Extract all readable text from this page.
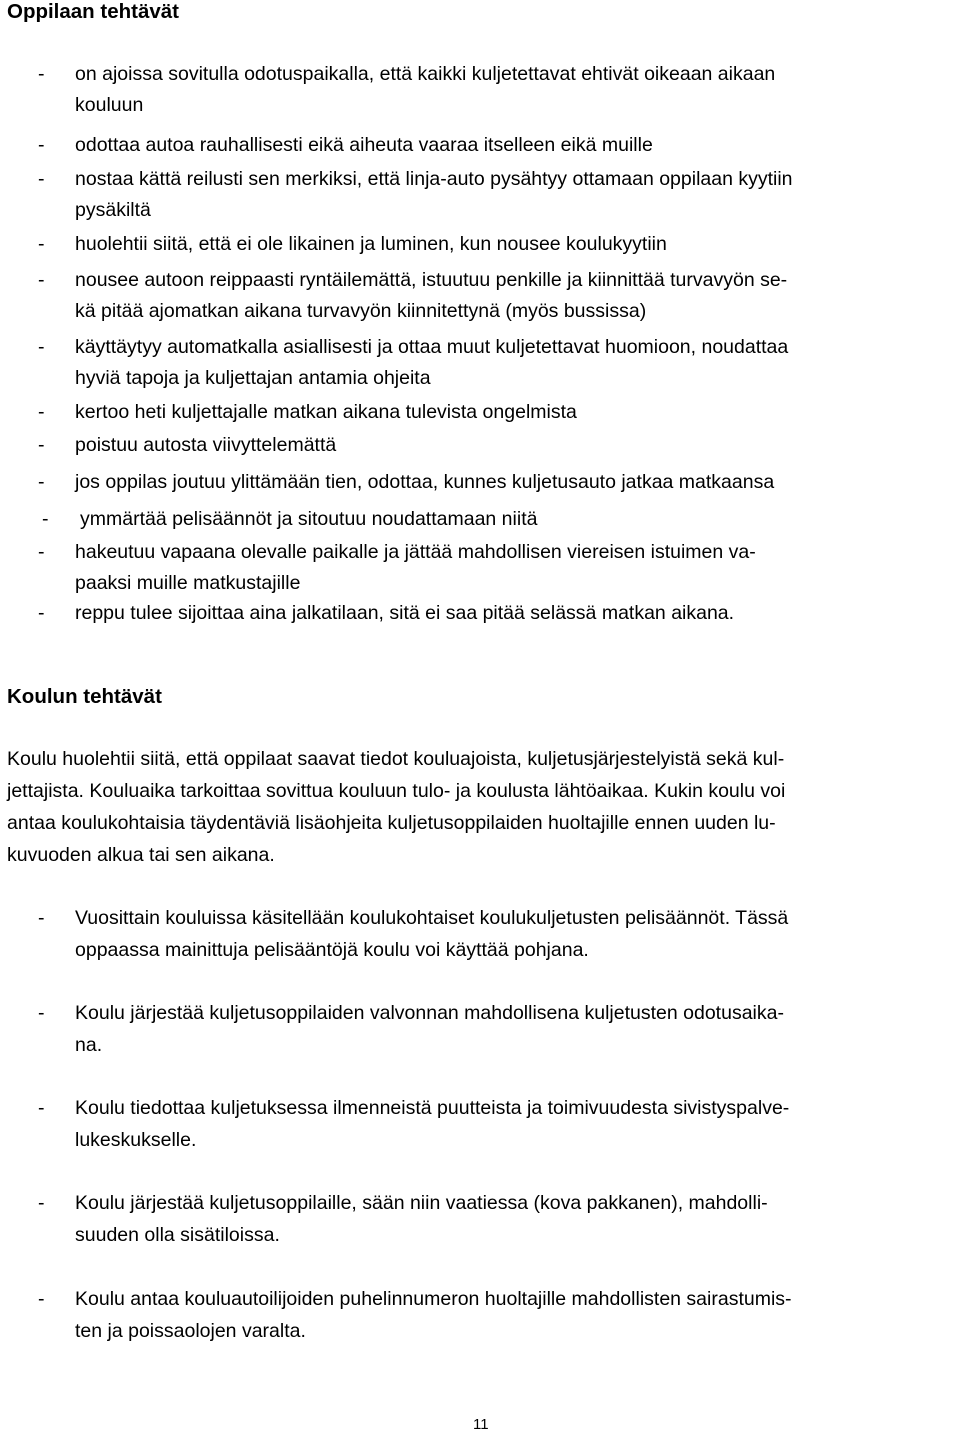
Oppilaan tehtävät
- on ajoissa sovitulla odotuspaikalla, että kaikki kuljetettavat ehtivät oikeaan aikaan
kouluun
- odottaa autoa rauhallisesti eikä aiheuta vaaraa itselleen eikä muille
- nostaa kättä reilusti sen merkiksi, että linja-auto pysähtyy ottamaan oppilaan kyytiin
pysäkiltä
- huolehtii siitä, että ei ole likainen ja luminen, kun nousee koulukyytiin
- nousee autoon reippaasti ryntäilemättä, istuutuu penkille ja kiinnittää turvavyön se-
kä pitää ajomatkan aikana turvavyön kiinnitettynä (myös bussissa)
- käyttäytyy automatkalla asiallisesti ja ottaa muut kuljetettavat huomioon, noudattaa
hyviä tapoja ja kuljettajan antamia ohjeita
- kertoo heti kuljettajalle matkan aikana tulevista ongelmista
- poistuu autosta viivyttelemättä
- jos oppilas joutuu ylittämään tien, odottaa, kunnes kuljetusauto jatkaa matkaansa
- ymmärtää pelisäännöt ja sitoutuu noudattamaan niitä
- hakeutuu vapaana olevalle paikalle ja jättää mahdollisen viereisen istuimen va-
paaksi muille matkustajille
- reppu tulee sijoittaa aina jalkatilaan, sitä ei saa pitää selässä matkan aikana.
Koulun tehtävät
Koulu huolehtii siitä, että oppilaat saavat tiedot kouluajoista, kuljetusjärjestelyistä sekä kul-
jettajista. Kouluaika tarkoittaa sovittua kouluun tulo- ja koulusta lähtöaikaa. Kukin koulu voi
antaa koulukohtaisia täydentäviä lisäohjeita kuljetusoppilaiden huoltajille ennen uuden lu-
kuvuoden alkua tai sen aikana.
- Vuosittain kouluissa käsitellään koulukohtaiset koulukuljetusten pelisäännöt. Tässä
oppaassa mainittuja pelisääntöjä koulu voi käyttää pohjana.
- Koulu järjestää kuljetusoppilaiden valvonnan mahdollisena kuljetusten odotusaika-
na.
- Koulu tiedottaa kuljetuksessa ilmenneistä puutteista ja toimivuudesta sivistyspalve-
lukeskukselle.
- Koulu järjestää kuljetusoppilaille, sään niin vaatiessa (kova pakkanen), mahdolli-
suuden olla sisätiloissa.
- Koulu antaa kouluautoilijoiden puhelinnumeron huoltajille mahdollisten sairastumis-
ten ja poissaolojen varalta.
11
